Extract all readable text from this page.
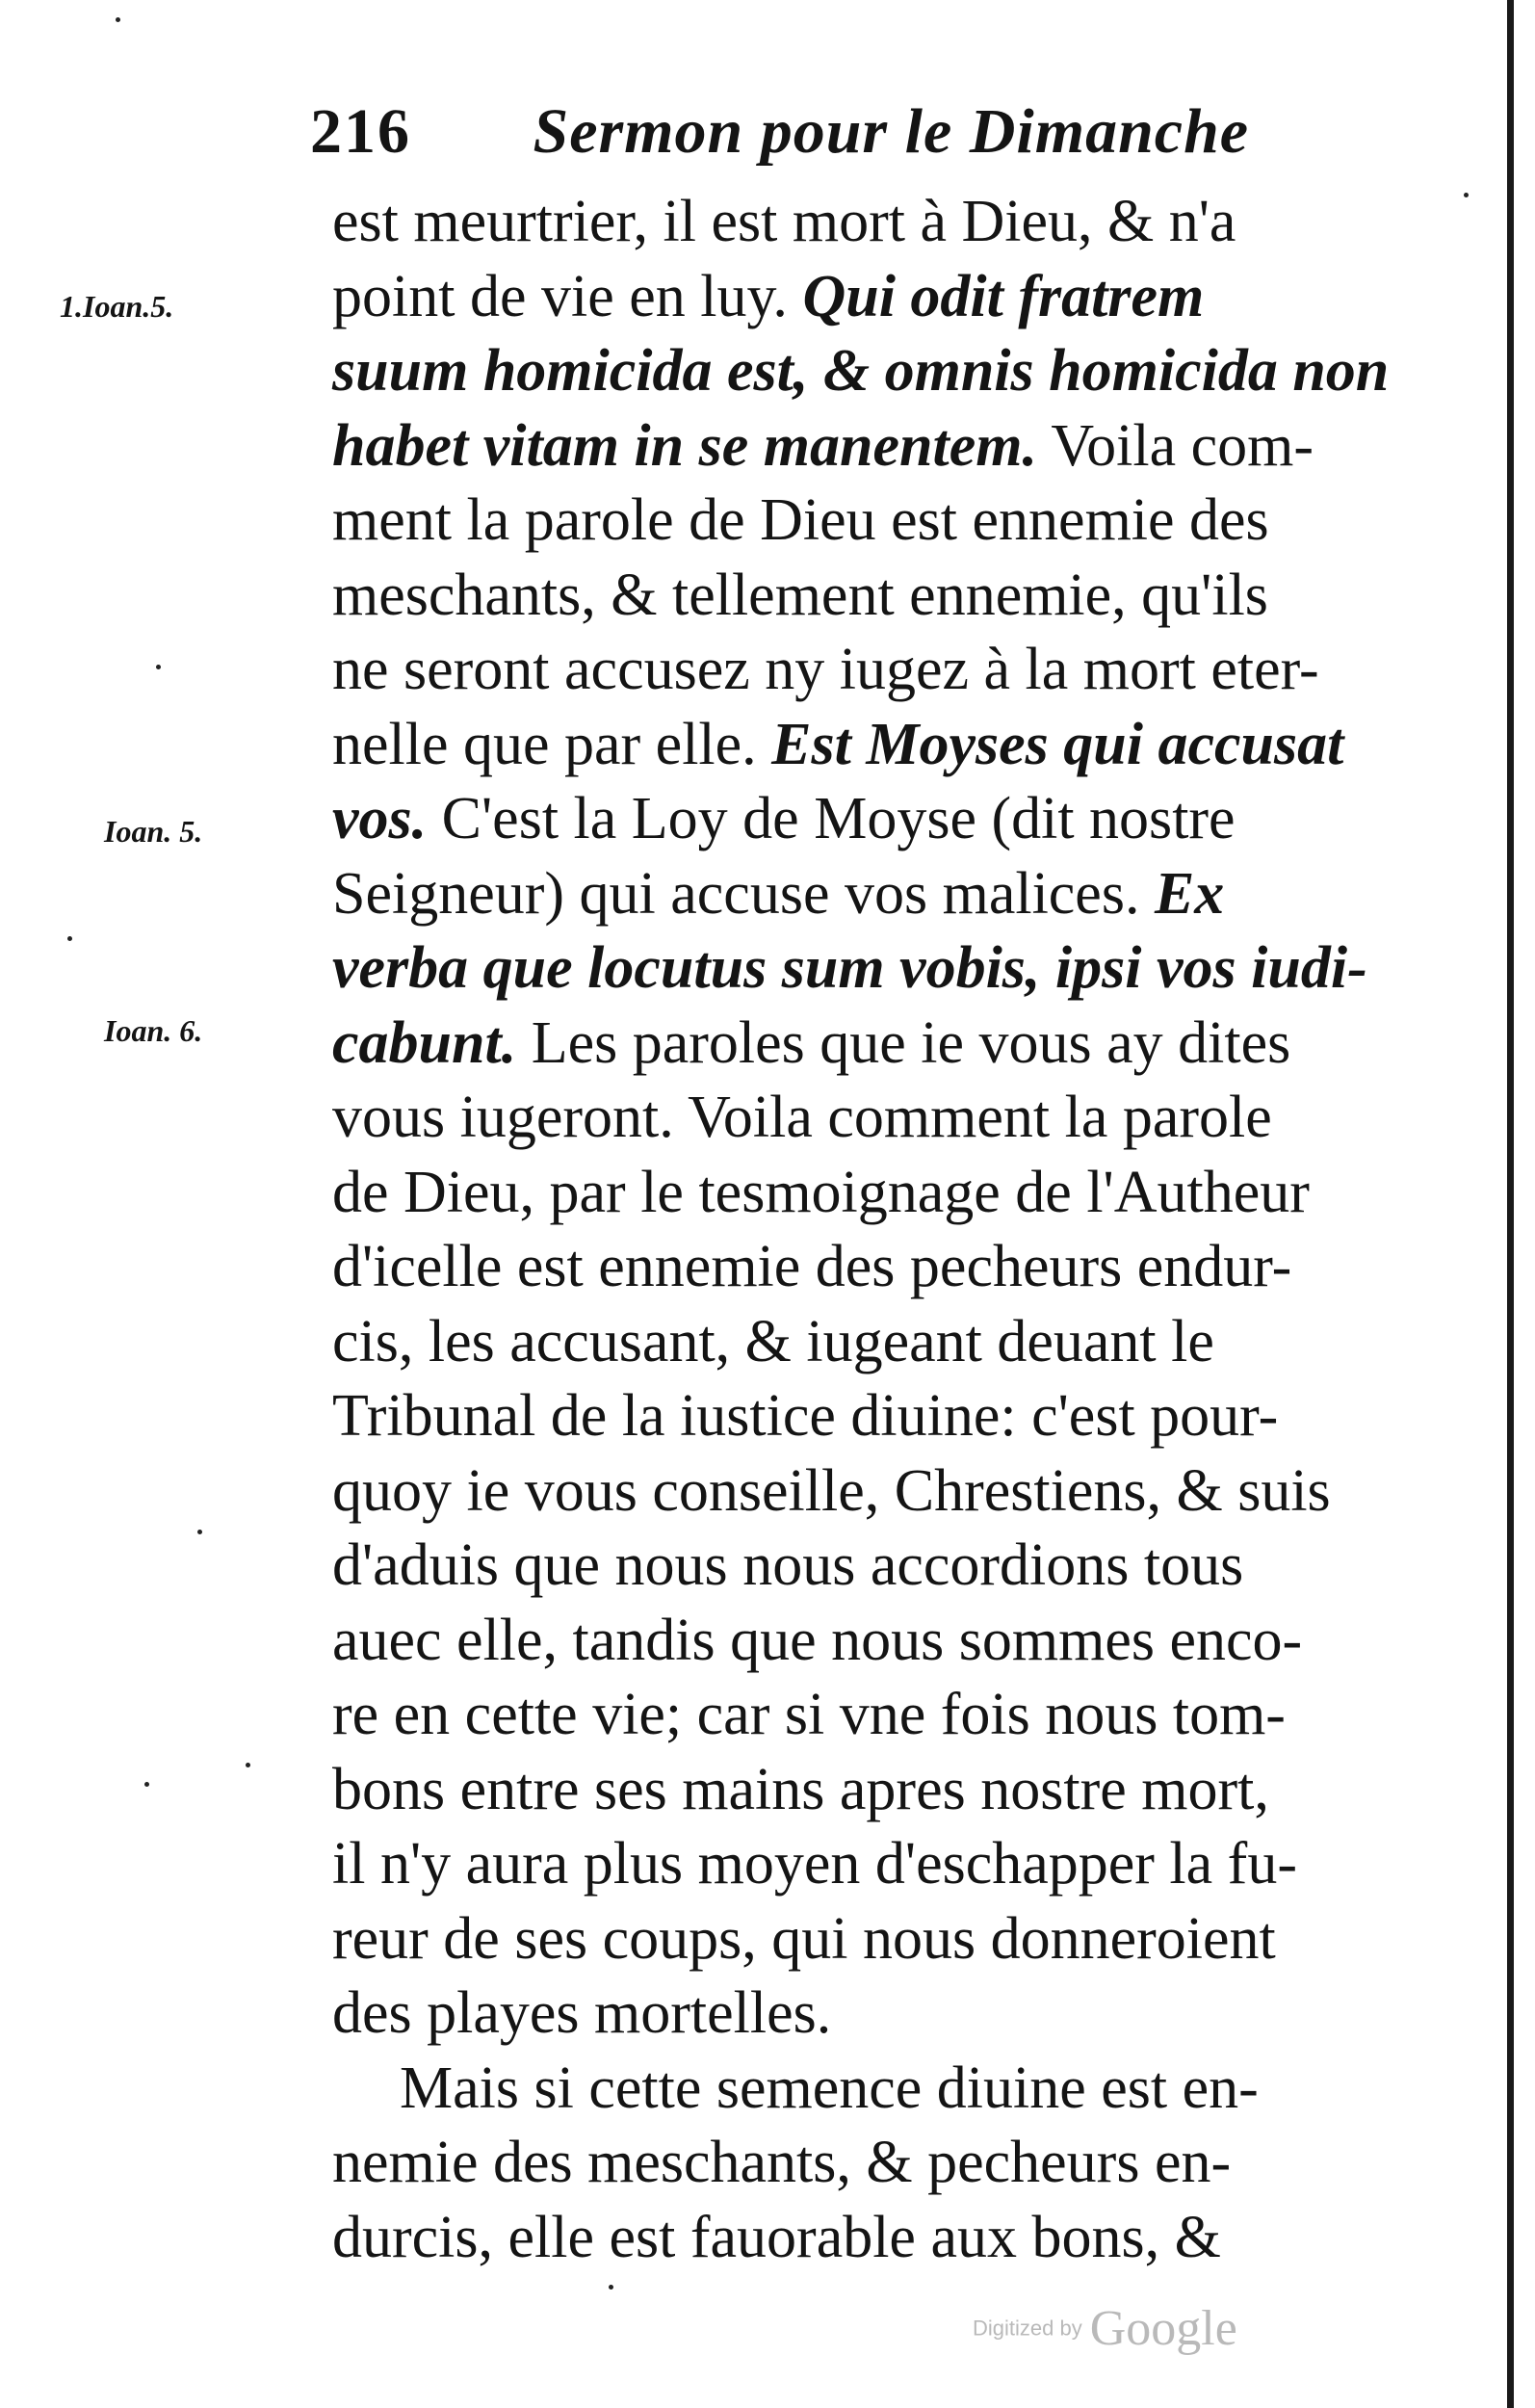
216 Sermon pour le Dimanche
1.Ioan.5.
Ioan. 5.
Ioan. 6.
est meurtrier, il est mort à Dieu, & n'a
point de vie en luy. Qui odit fratrem
suum homicida est, & omnis homicida non
habet vitam in se manentem. Voila com-
ment la parole de Dieu est ennemie des
meschants, & tellement ennemie, qu'ils
ne seront accusez ny iugez à la mort eter-
nelle que par elle. Est Moyses qui accusat
vos. C'est la Loy de Moyse (dit nostre
Seigneur) qui accuse vos malices. Ex
verba que locutus sum vobis, ipsi vos iudi-
cabunt. Les paroles que ie vous ay dites
vous iugeront. Voila comment la parole
de Dieu, par le tesmoignage de l'Autheur
d'icelle est ennemie des pecheurs endur-
cis, les accusant, & iugeant deuant le
Tribunal de la iustice diuine: c'est pour-
quoy ie vous conseille, Chrestiens, & suis
d'aduis que nous nous accordions tous
auec elle, tandis que nous sommes enco-
re en cette vie; car si vne fois nous tom-
bons entre ses mains apres nostre mort,
il n'y aura plus moyen d'eschapper la fu-
reur de ses coups, qui nous donneroient
des playes mortelles.
Mais si cette semence diuine est en-
nemie des meschants, & pecheurs en-
durcis, elle est fauorable aux bons, &
Digitized by Google
